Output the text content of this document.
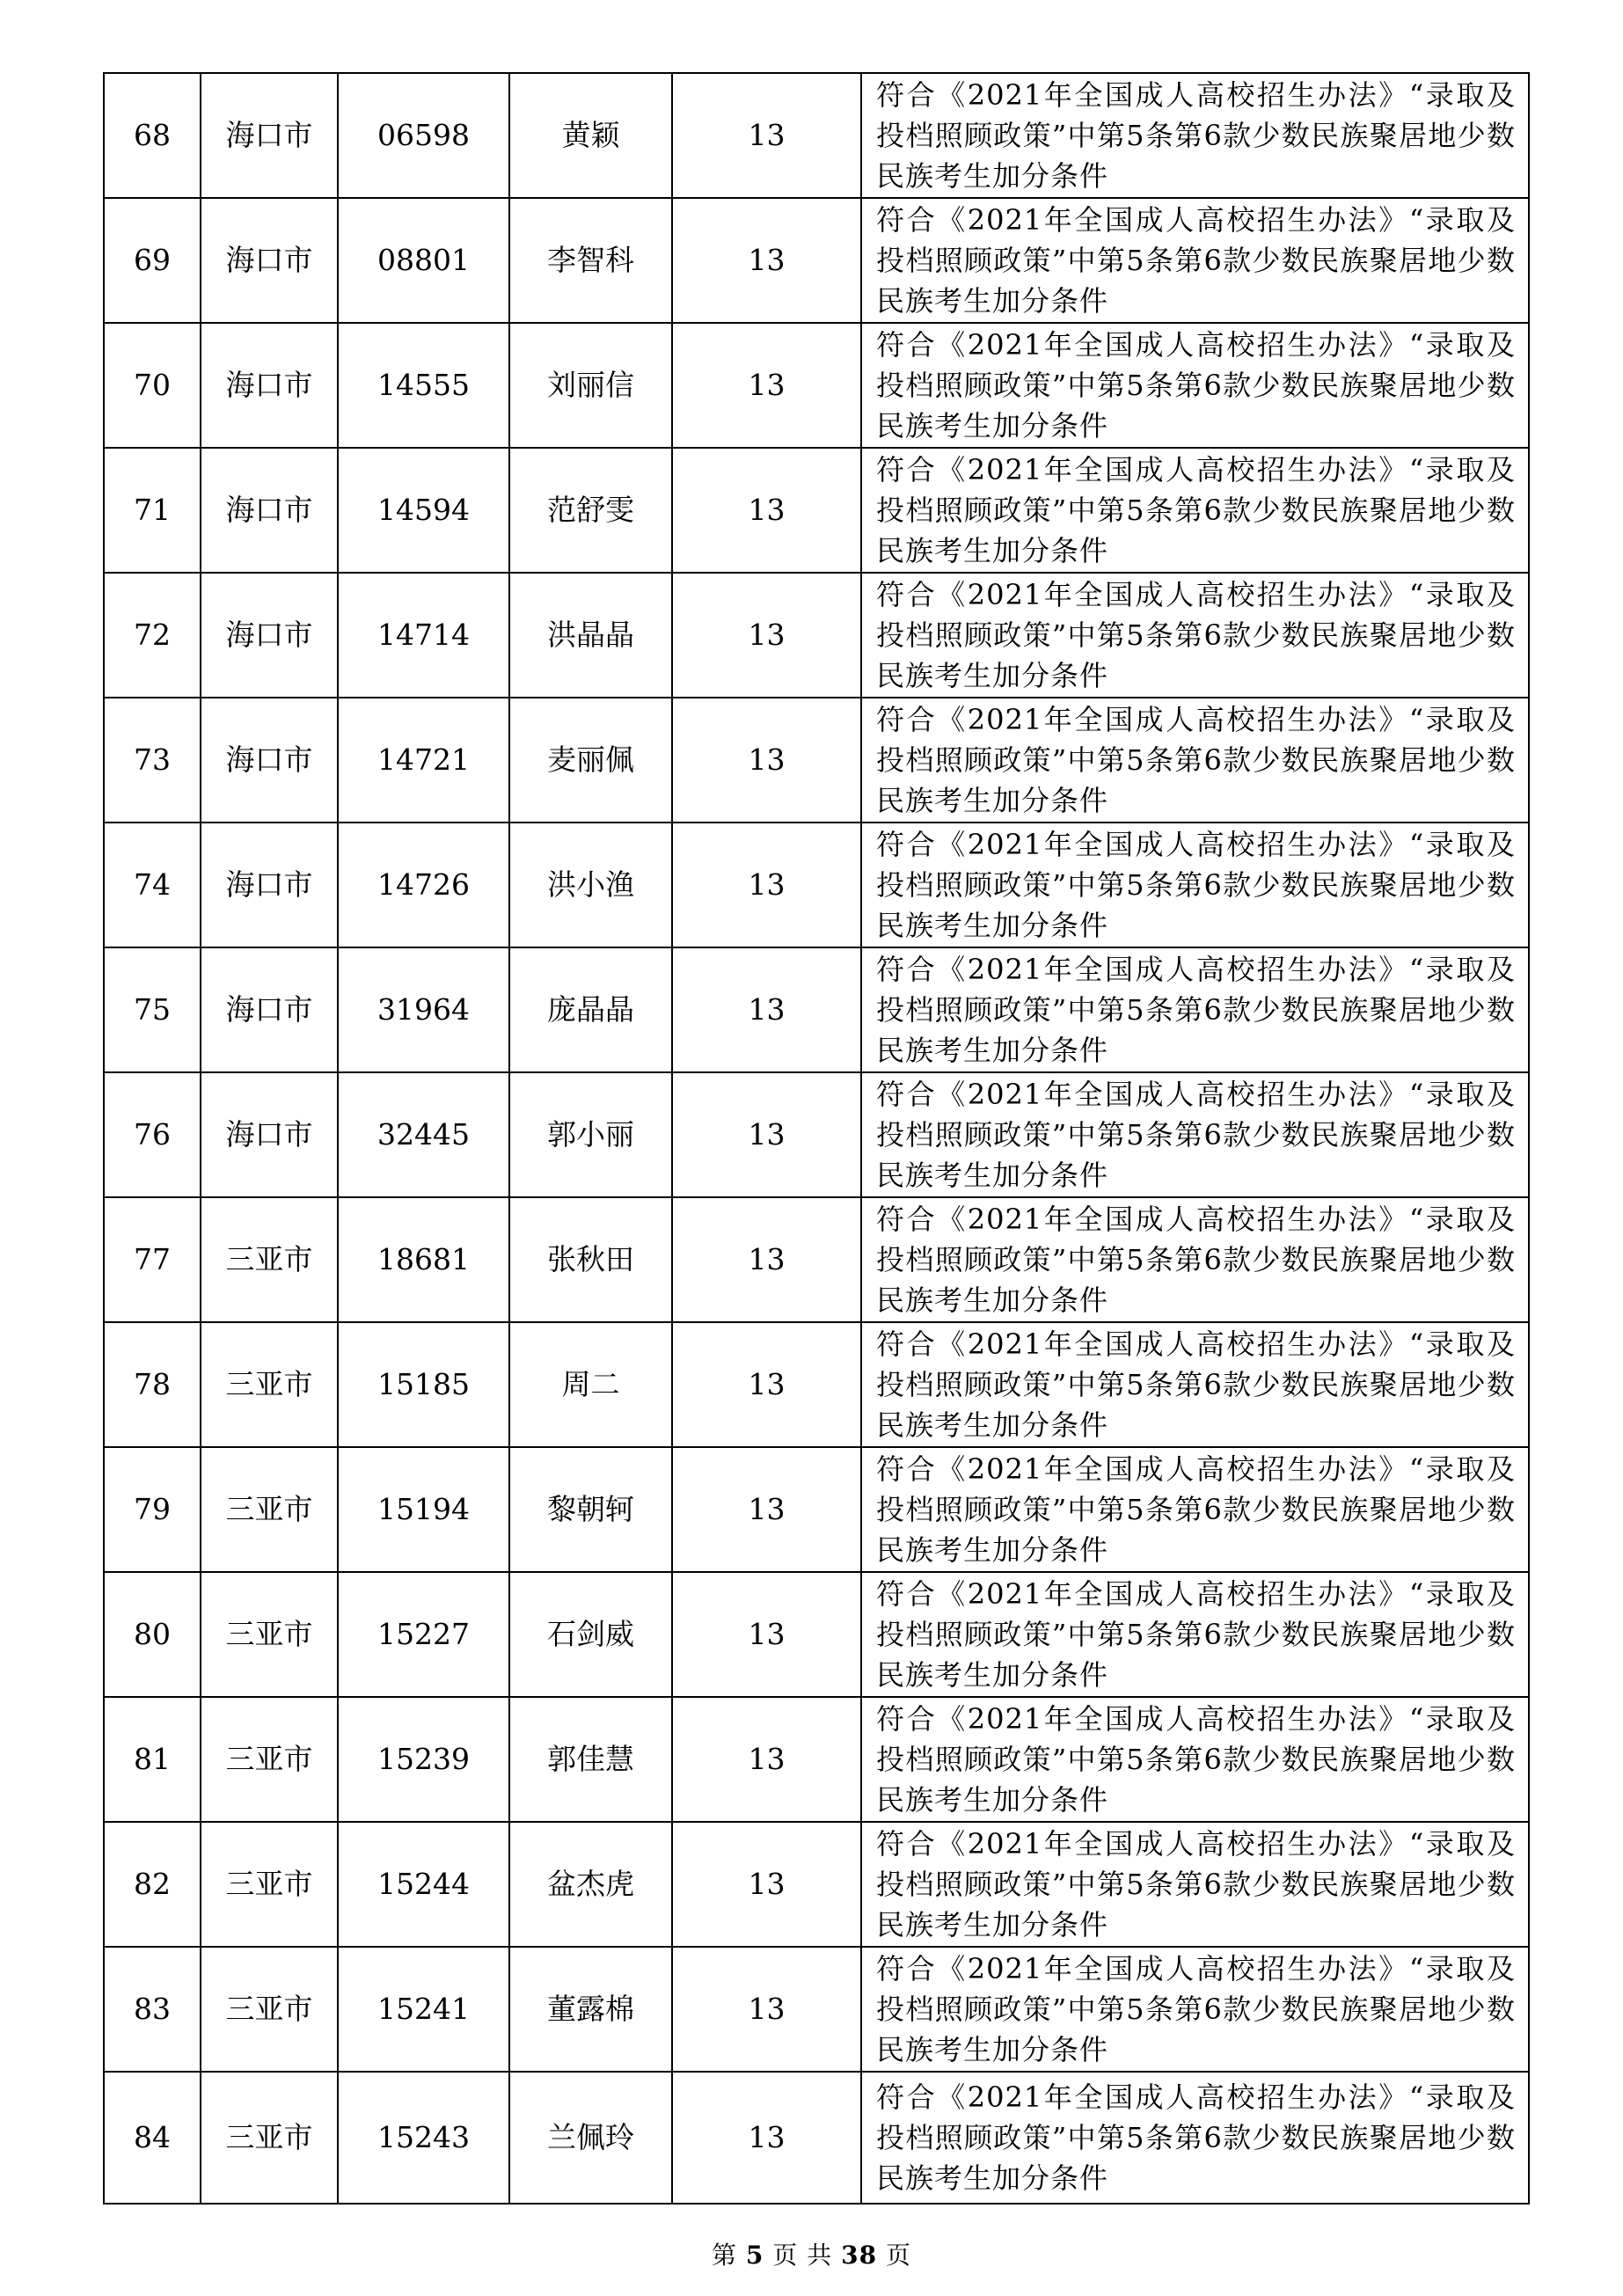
68	海口市	06598	黄颖	13	符合《2021年全国成人高校招生办法》“录取及投档照顾政策”中第5条第6款少数民族聚居地少数民族考生加分条件
69	海口市	08801	李智科	13	符合《2021年全国成人高校招生办法》“录取及投档照顾政策”中第5条第6款少数民族聚居地少数民族考生加分条件
70	海口市	14555	刘丽信	13	符合《2021年全国成人高校招生办法》“录取及投档照顾政策”中第5条第6款少数民族聚居地少数民族考生加分条件
71	海口市	14594	范舒雯	13	符合《2021年全国成人高校招生办法》“录取及投档照顾政策”中第5条第6款少数民族聚居地少数民族考生加分条件
72	海口市	14714	洪晶晶	13	符合《2021年全国成人高校招生办法》“录取及投档照顾政策”中第5条第6款少数民族聚居地少数民族考生加分条件
73	海口市	14721	麦丽佩	13	符合《2021年全国成人高校招生办法》“录取及投档照顾政策”中第5条第6款少数民族聚居地少数民族考生加分条件
74	海口市	14726	洪小渔	13	符合《2021年全国成人高校招生办法》“录取及投档照顾政策”中第5条第6款少数民族聚居地少数民族考生加分条件
75	海口市	31964	庞晶晶	13	符合《2021年全国成人高校招生办法》“录取及投档照顾政策”中第5条第6款少数民族聚居地少数民族考生加分条件
76	海口市	32445	郭小丽	13	符合《2021年全国成人高校招生办法》“录取及投档照顾政策”中第5条第6款少数民族聚居地少数民族考生加分条件
77	三亚市	18681	张秋田	13	符合《2021年全国成人高校招生办法》“录取及投档照顾政策”中第5条第6款少数民族聚居地少数民族考生加分条件
78	三亚市	15185	周二	13	符合《2021年全国成人高校招生办法》“录取及投档照顾政策”中第5条第6款少数民族聚居地少数民族考生加分条件
79	三亚市	15194	黎朝轲	13	符合《2021年全国成人高校招生办法》“录取及投档照顾政策”中第5条第6款少数民族聚居地少数民族考生加分条件
80	三亚市	15227	石剑威	13	符合《2021年全国成人高校招生办法》“录取及投档照顾政策”中第5条第6款少数民族聚居地少数民族考生加分条件
81	三亚市	15239	郭佳慧	13	符合《2021年全国成人高校招生办法》“录取及投档照顾政策”中第5条第6款少数民族聚居地少数民族考生加分条件
82	三亚市	15244	盆杰虎	13	符合《2021年全国成人高校招生办法》“录取及投档照顾政策”中第5条第6款少数民族聚居地少数民族考生加分条件
83	三亚市	15241	董露棉	13	符合《2021年全国成人高校招生办法》“录取及投档照顾政策”中第5条第6款少数民族聚居地少数民族考生加分条件
84	三亚市	15243	兰佩玲	13	符合《2021年全国成人高校招生办法》“录取及投档照顾政策”中第5条第6款少数民族聚居地少数民族考生加分条件
第 5 页 共 38 页
